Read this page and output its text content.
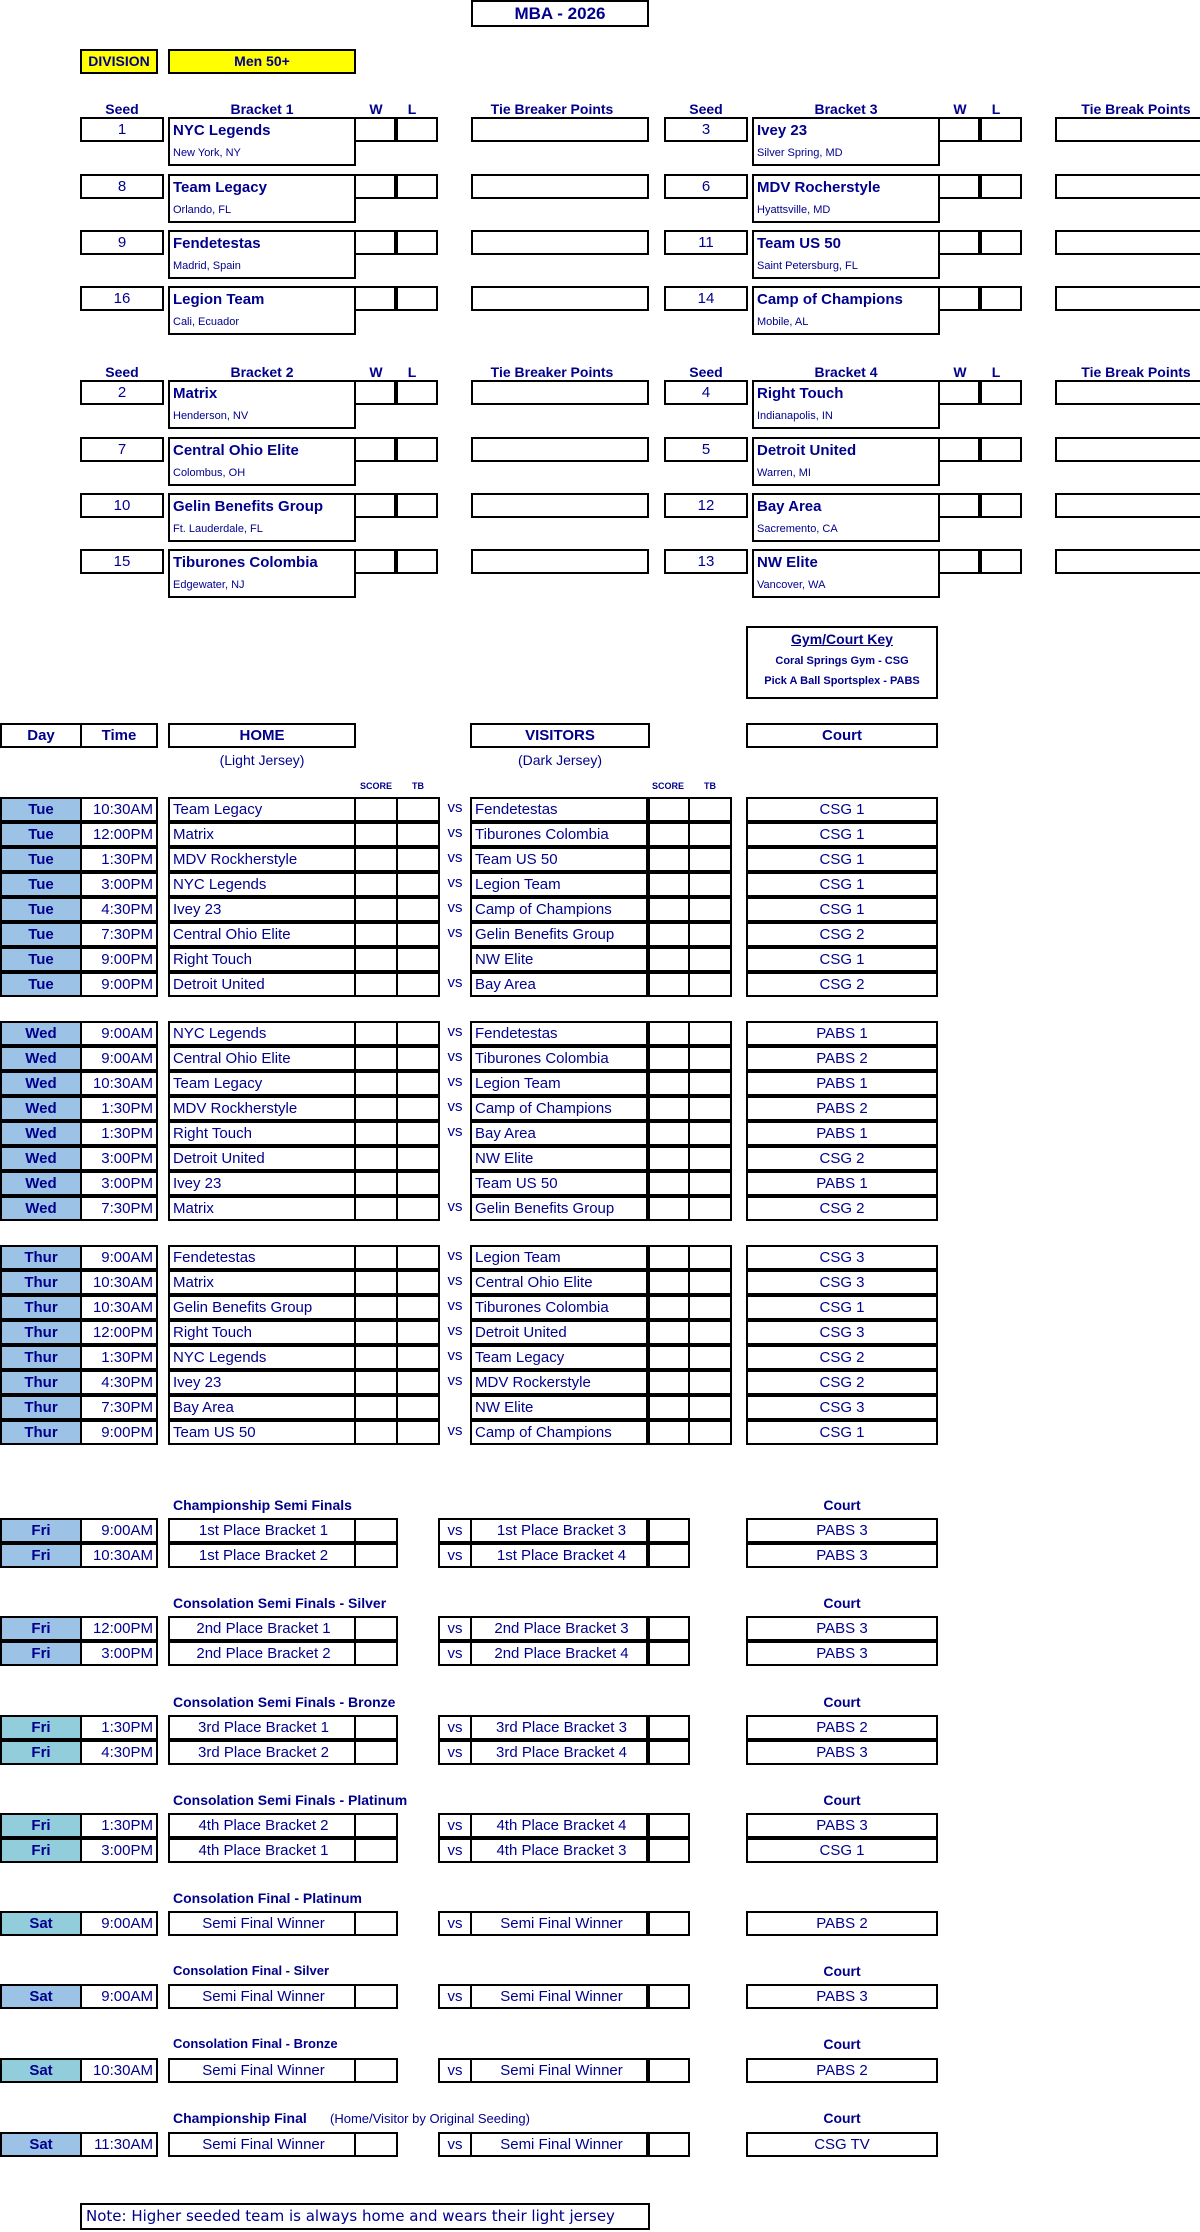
MBA - 2026
DIVISION	Men 50+
Seed	Bracket 1	W	L	Tie Breaker Points
1	NYC Legends
New York, NY
8	Team Legacy
Orlando, FL
9	Fendetestas
Madrid, Spain
16	Legion Team
Cali, Ecuador
Seed	Bracket 3	W	L	Tie Break Points
3	Ivey 23
Silver Spring, MD
6	MDV Rocherstyle
Hyattsville, MD
11	Team US 50
Saint Petersburg, FL
14	Camp of Champions
Mobile, AL
Seed	Bracket 2	W	L	Tie Breaker Points
2	Matrix
Henderson, NV
7	Central Ohio Elite
Colombus, OH
10	Gelin Benefits Group
Ft. Lauderdale, FL
15	Tiburones Colombia
Edgewater, NJ
Seed	Bracket 4	W	L	Tie Break Points
4	Right Touch
Indianapolis, IN
5	Detroit United
Warren, MI
12	Bay Area
Sacremento, CA
13	NW Elite
Vancover, WA
Gym/Court Key
Coral Springs Gym - CSG
Pick A Ball Sportsplex - PABS
Day	Time	HOME	VISITORS	Court
(Light Jersey)	(Dark Jersey)
SCORE	TB	SCORE	TB
Tue	10:30AM	Team Legacy	vs Fendetestas	CSG 1
Tue	12:00PM	Matrix	vs Tiburones Colombia	CSG 1
Tue	1:30PM	MDV Rockherstyle	vs Team US 50	CSG 1
Tue	3:00PM	NYC Legends	vs Legion Team	CSG 1
Tue	4:30PM	Ivey 23	vs Camp of Champions	CSG 1
Tue	7:30PM	Central Ohio Elite	vs Gelin Benefits Group	CSG 2
Tue	9:00PM	Right Touch	NW Elite	CSG 1
Tue	9:00PM	Detroit United	vs Bay Area	CSG 2
Wed	9:00AM	NYC Legends	vs Fendetestas	PABS 1
Wed	9:00AM	Central Ohio Elite	vs Tiburones Colombia	PABS 2
Wed	10:30AM	Team Legacy	vs Legion Team	PABS 1
Wed	1:30PM	MDV Rockherstyle	vs Camp of Champions	PABS 2
Wed	1:30PM	Right Touch	vs Bay Area	PABS 1
Wed	3:00PM	Detroit United	NW Elite	CSG 2
Wed	3:00PM	Ivey 23	Team US 50	PABS 1
Wed	7:30PM	Matrix	vs Gelin Benefits Group	CSG 2
Thur	9:00AM	Fendetestas	vs Legion Team	CSG 3
Thur	10:30AM	Matrix	vs Central Ohio Elite	CSG 3
Thur	10:30AM	Gelin Benefits Group	vs Tiburones Colombia	CSG 1
Thur	12:00PM	Right Touch	vs Detroit United	CSG 3
Thur	1:30PM	NYC Legends	vs Team Legacy	CSG 2
Thur	4:30PM	Ivey 23	vs MDV Rockerstyle	CSG 2
Thur	7:30PM	Bay Area	NW Elite	CSG 3
Thur	9:00PM	Team US 50	vs Camp of Champions	CSG 1
Championship Semi Finals	Court
Fri	9:00AM	1st Place Bracket 1	vs	1st Place Bracket 3	PABS 3
Fri	10:30AM	1st Place Bracket 2	vs	1st Place Bracket 4	PABS 3
Consolation Semi Finals - Silver	Court
Fri	12:00PM	2nd Place Bracket 1	vs	2nd Place Bracket 3	PABS 3
Fri	3:00PM	2nd Place Bracket 2	vs	2nd Place Bracket 4	PABS 3
Consolation Semi Finals - Bronze	Court
Fri	1:30PM	3rd Place Bracket 1	vs	3rd Place Bracket 3	PABS 2
Fri	4:30PM	3rd Place Bracket 2	vs	3rd Place Bracket 4	PABS 3
Consolation Semi Finals - Platinum	Court
Fri	1:30PM	4th Place Bracket 2	vs	4th Place Bracket 4	PABS 3
Fri	3:00PM	4th Place Bracket 1	vs	4th Place Bracket 3	CSG 1
Consolation Final - Platinum
Sat	9:00AM	Semi Final Winner	vs	Semi Final Winner	PABS 2
Consolation Final - Silver	Court
Sat	9:00AM	Semi Final Winner	vs	Semi Final Winner	PABS 3
Consolation Final - Bronze	Court
Sat	10:30AM	Semi Final Winner	vs	Semi Final Winner	PABS 2
Championship Final (Home/Visitor by Original Seeding)	Court
Sat	11:30AM	Semi Final Winner	vs	Semi Final Winner	CSG TV
Note: Higher seeded team is always home and wears their light jersey
